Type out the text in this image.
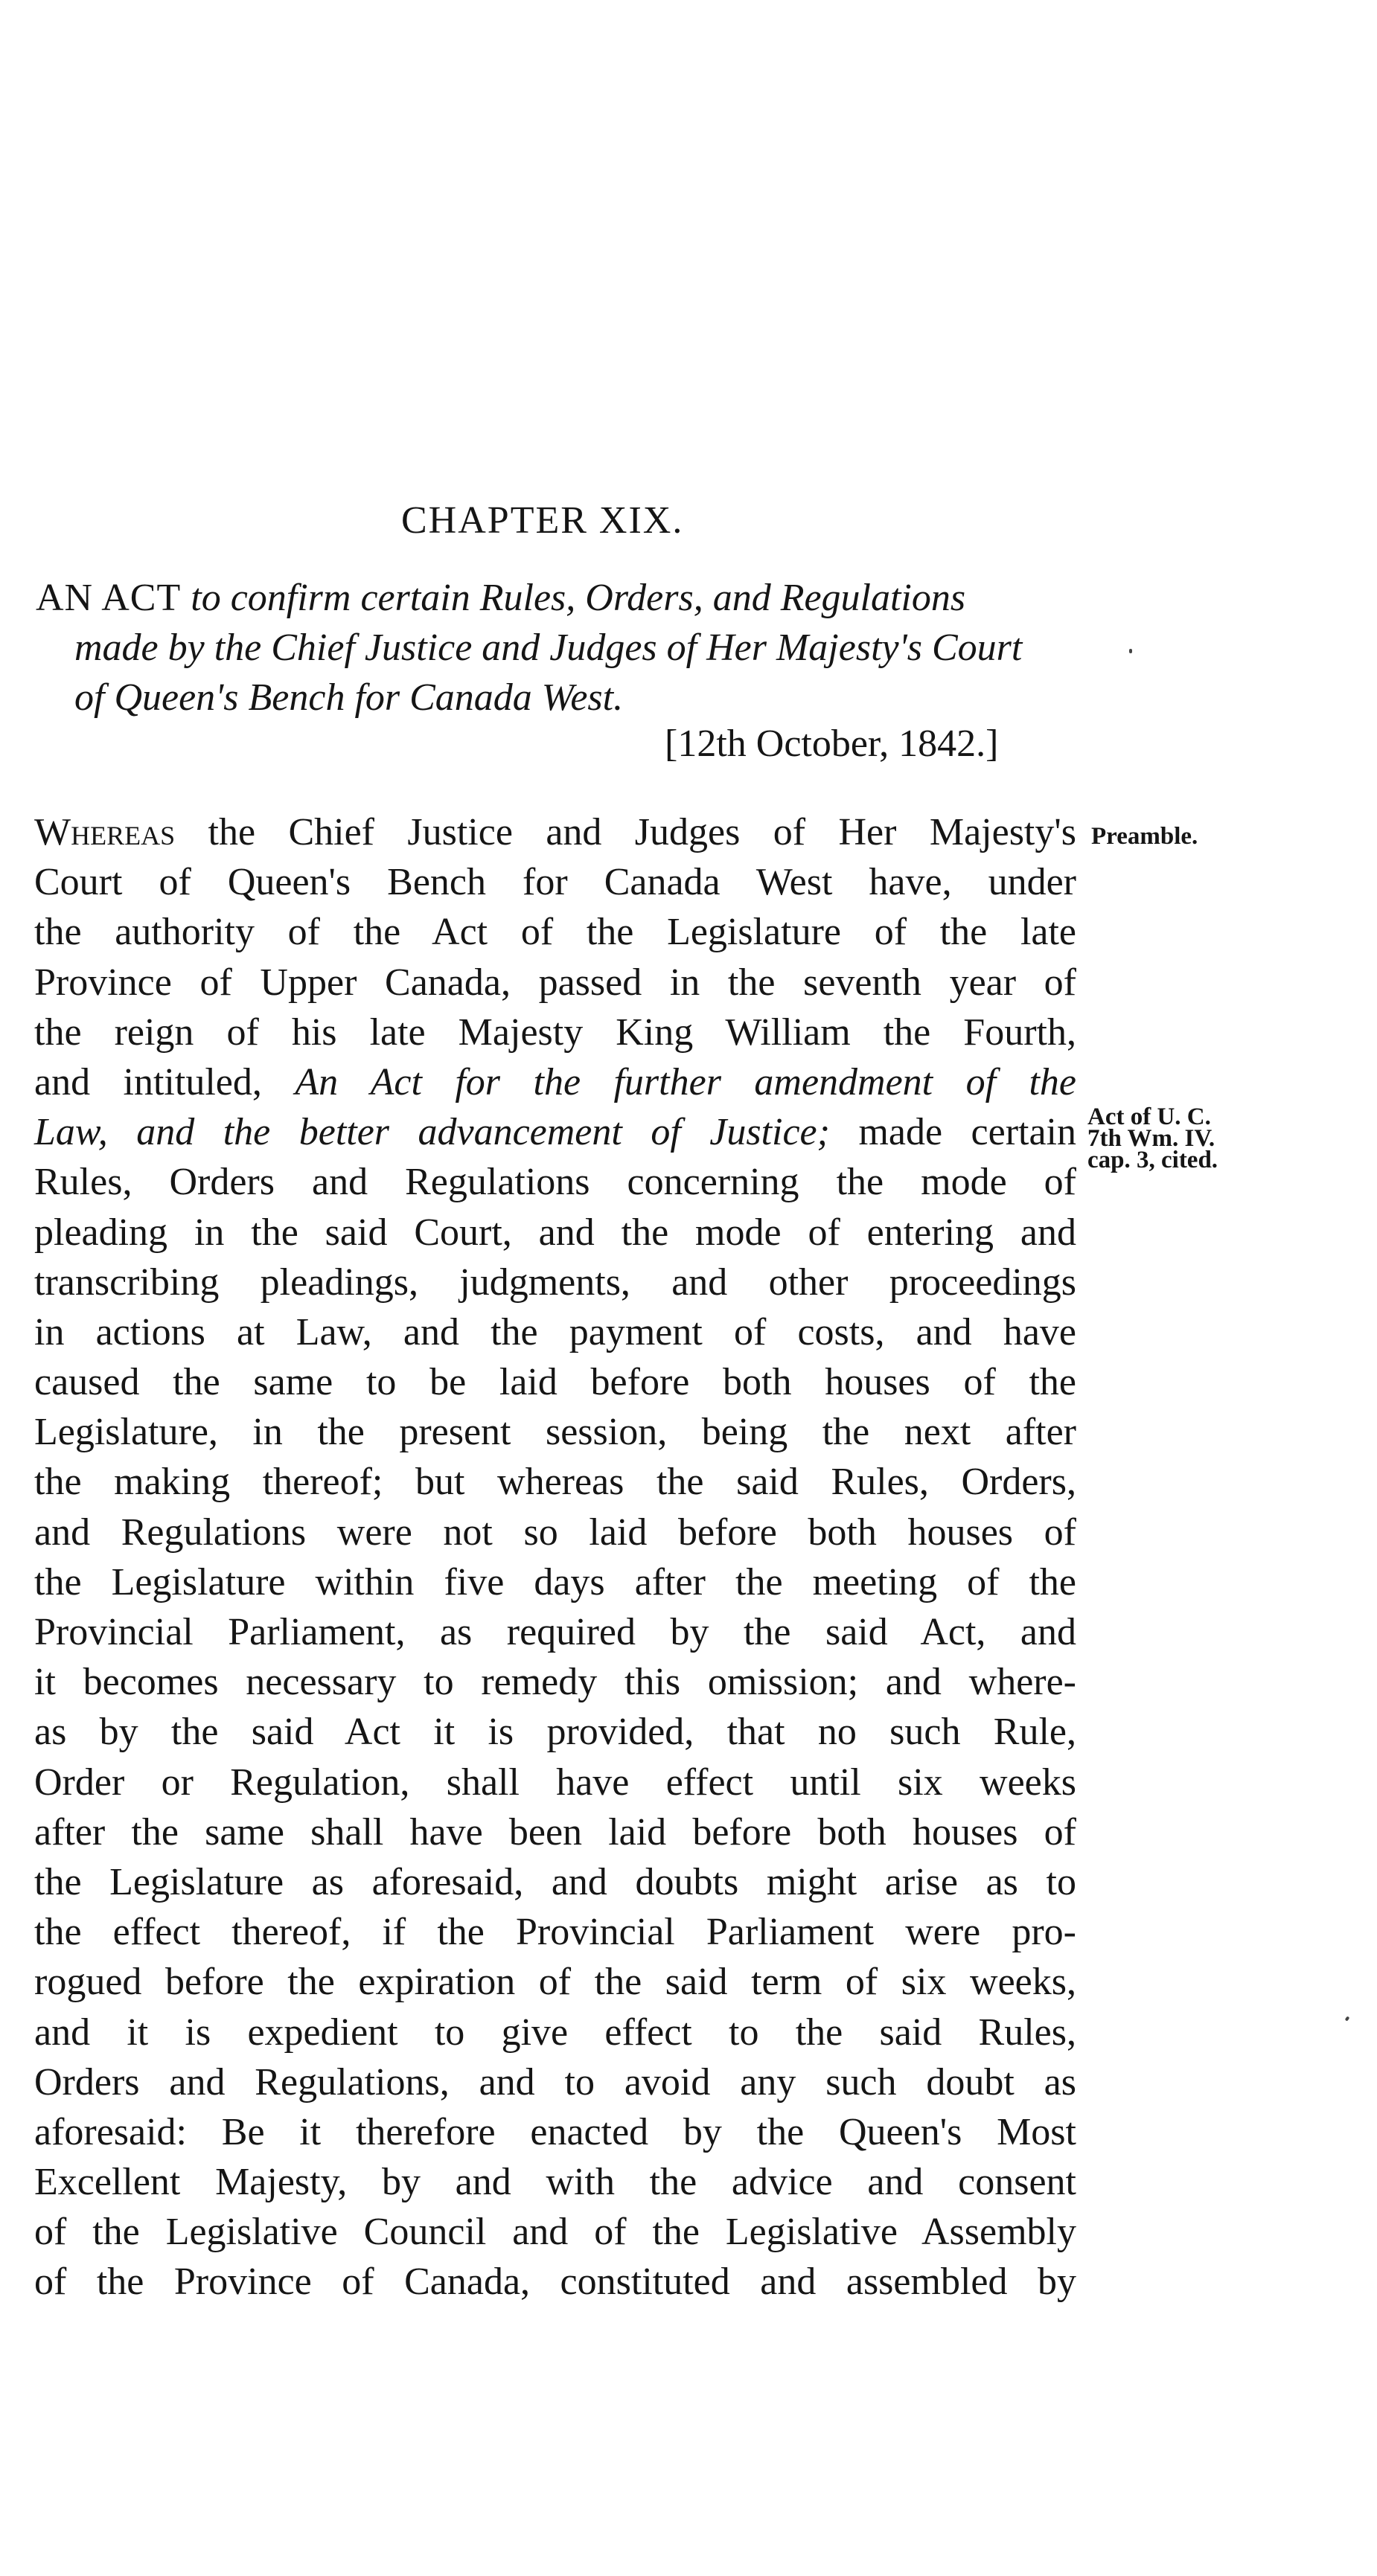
CHAPTER XIX.
AN ACT to confirm certain Rules, Orders, and Regulations
made by the Chief Justice and Judges of Her Majesty's Court
of Queen's Bench for Canada West.
[12th October, 1842.]
Whereas the Chief Justice and Judges of Her Majesty's
Court of Queen's Bench for Canada West have, under
the authority of the Act of the Legislature of the late
Province of Upper Canada, passed in the seventh year of
the reign of his late Majesty King William the Fourth,
and intituled, An Act for the further amendment of the
Law, and the better advancement of Justice; made certain
Rules, Orders and Regulations concerning the mode of
pleading in the said Court, and the mode of entering and
transcribing pleadings, judgments, and other proceedings
in actions at Law, and the payment of costs, and have
caused the same to be laid before both houses of the
Legislature, in the present session, being the next after
the making thereof; but whereas the said Rules, Orders,
and Regulations were not so laid before both houses of
the Legislature within five days after the meeting of the
Provincial Parliament, as required by the said Act, and
it becomes necessary to remedy this omission; and where-
as by the said Act it is provided, that no such Rule,
Order or Regulation, shall have effect until six weeks
after the same shall have been laid before both houses of
the Legislature as aforesaid, and doubts might arise as to
the effect thereof, if the Provincial Parliament were pro-
rogued before the expiration of the said term of six weeks,
and it is expedient to give effect to the said Rules,
Orders and Regulations, and to avoid any such doubt as
aforesaid: Be it therefore enacted by the Queen's Most
Excellent Majesty, by and with the advice and consent
of the Legislative Council and of the Legislative Assembly
of the Province of Canada, constituted and assembled by
Preamble.
Act of U. C.
7th Wm. IV.
cap. 3, cited.
